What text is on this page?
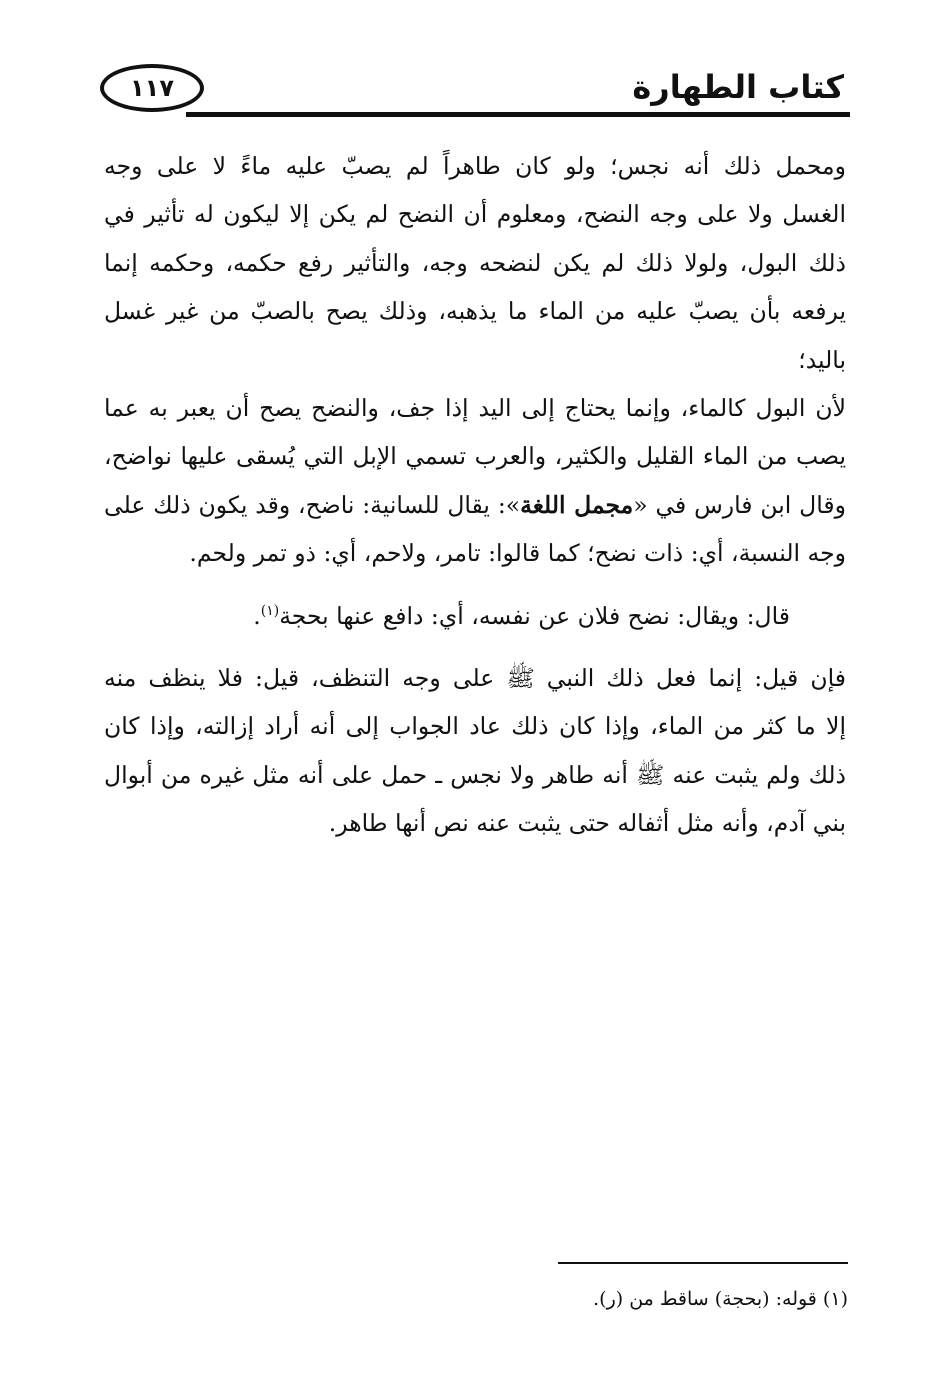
كتاب الطهارة
١١٧

ومحمل ذلك أنه نجس؛ ولو كان طاهراً لم يصبّ عليه ماءً لا على وجه
الغسل ولا على وجه النضح، ومعلوم أن النضح لم يكن إلا ليكون له تأثير في
ذلك البول، ولولا ذلك لم يكن لنضحه وجه، والتأثير رفع حكمه، وحكمه إنما
يرفعه بأن يصبّ عليه من الماء ما يذهبه، وذلك يصح بالصبّ من غير غسل باليد؛
لأن البول كالماء، وإنما يحتاج إلى اليد إذا جف، والنضح يصح أن يعبر به عما
يصب من الماء القليل والكثير، والعرب تسمي الإبل التي يُسقى عليها نواضح،
وقال ابن فارس في «مجمل اللغة»: يقال للسانية: ناضح، وقد يكون ذلك على
وجه النسبة، أي: ذات نضح؛ كما قالوا: تامر، ولاحم، أي: ذو تمر ولحم.

قال: ويقال: نضح فلان عن نفسه، أي: دافع عنها بحجة$^{(١)}$.

فإن قيل: إنما فعل ذلك النبي ﷺ على وجه التنظف، قيل: فلا ينظف منه
إلا ما كثر من الماء، وإذا كان ذلك عاد الجواب إلى أنه أراد إزالته، وإذا كان
ذلك ولم يثبت عنه ﷺ أنه طاهر ولا نجس ـ حمل على أنه مثل غيره من أبوال
بني آدم، وأنه مثل أثفاله حتى يثبت عنه نص أنها طاهر.

(١) قوله: (بحجة) ساقط من (ر).
